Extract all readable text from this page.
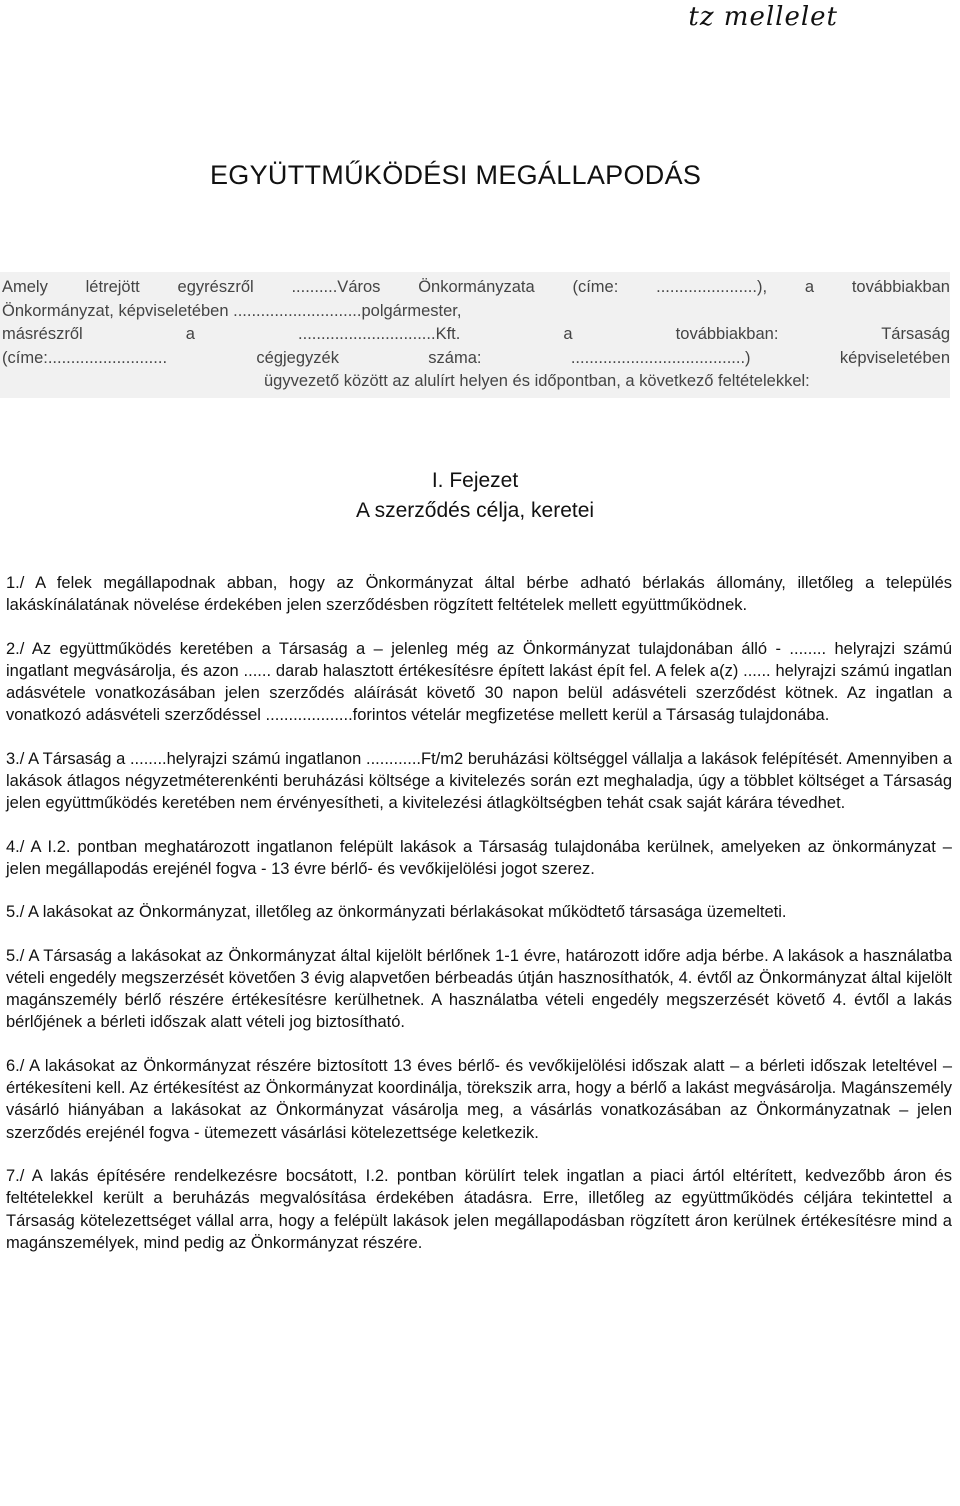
tz mellelet
EGYÜTTMŰKÖDÉSI MEGÁLLAPODÁS
Amely létrejött egyrészről ..........Város Önkormányzata (címe: ......................), a továbbiakban
Önkormányzat, képviseletében ............................polgármester,
másrészről a ..............................Kft. a továbbiakban: Társaság
(címe:.......................... cégjegyzék száma: ......................................) képviseletében
ügyvezető között az alulírt helyen és időpontban, a következő feltételekkel:
I. Fejezet
A szerződés célja, keretei

1./ A felek megállapodnak abban, hogy az Önkormányzat által bérbe adható bérlakás állomány, illetőleg a település lakáskínálatának növelése érdekében jelen szerződésben rögzített feltételek mellett együttműködnek.

2./ Az együttműködés keretében a Társaság a – jelenleg még az Önkormányzat tulajdonában álló - ........ helyrajzi számú ingatlant megvásárolja, és azon ...... darab halasztott értékesítésre épített lakást épít fel. A felek a(z) ...... helyrajzi számú ingatlan adásvétele vonatkozásában jelen szerződés aláírását követő 30 napon belül adásvételi szerződést kötnek. Az ingatlan a vonatkozó adásvételi szerződéssel ...................forintos vételár megfizetése mellett kerül a Társaság tulajdonába.

3./ A Társaság a ........helyrajzi számú ingatlanon ............Ft/m2 beruházási költséggel vállalja a lakások felépítését. Amennyiben a lakások átlagos négyzetméterenkénti beruházási költsége a kivitelezés során ezt meghaladja, úgy a többlet költséget a Társaság jelen együttműködés keretében nem érvényesítheti, a kivitelezési átlagköltségben tehát csak saját kárára tévedhet.

4./ A I.2. pontban meghatározott ingatlanon felépült lakások a Társaság tulajdonába kerülnek, amelyeken az önkormányzat – jelen megállapodás erejénél fogva - 13 évre bérlő- és vevőkijelölési jogot szerez.

5./ A lakásokat az Önkormányzat, illetőleg az önkormányzati bérlakásokat működtető társasága üzemelteti.

5./ A Társaság a lakásokat az Önkormányzat által kijelölt bérlőnek 1-1 évre, határozott időre adja bérbe. A lakások a használatba vételi engedély megszerzését követően 3 évig alapvetően bérbeadás útján hasznosíthatók, 4. évtől az Önkormányzat által kijelölt magánszemély bérlő részére értékesítésre kerülhetnek. A használatba vételi engedély megszerzését követő 4. évtől a lakás bérlőjének a bérleti időszak alatt vételi jog biztosítható.

6./ A lakásokat az Önkormányzat részére biztosított 13 éves bérlő- és vevőkijelölési időszak alatt – a bérleti időszak leteltével – értékesíteni kell. Az értékesítést az Önkormányzat koordinálja, törekszik arra, hogy a bérlő a lakást megvásárolja. Magánszemély vásárló hiányában a lakásokat az Önkormányzat vásárolja meg, a vásárlás vonatkozásában az Önkormányzatnak – jelen szerződés erejénél fogva - ütemezett vásárlási kötelezettsége keletkezik.

7./ A lakás építésére rendelkezésre bocsátott, I.2. pontban körülírt telek ingatlan a piaci ártól eltérített, kedvezőbb áron és feltételekkel került a beruházás megvalósítása érdekében átadásra. Erre, illetőleg az együttműködés céljára tekintettel a Társaság kötelezettséget vállal arra, hogy a felépült lakások jelen megállapodásban rögzített áron kerülnek értékesítésre mind a magánszemélyek, mind pedig az Önkormányzat részére.
